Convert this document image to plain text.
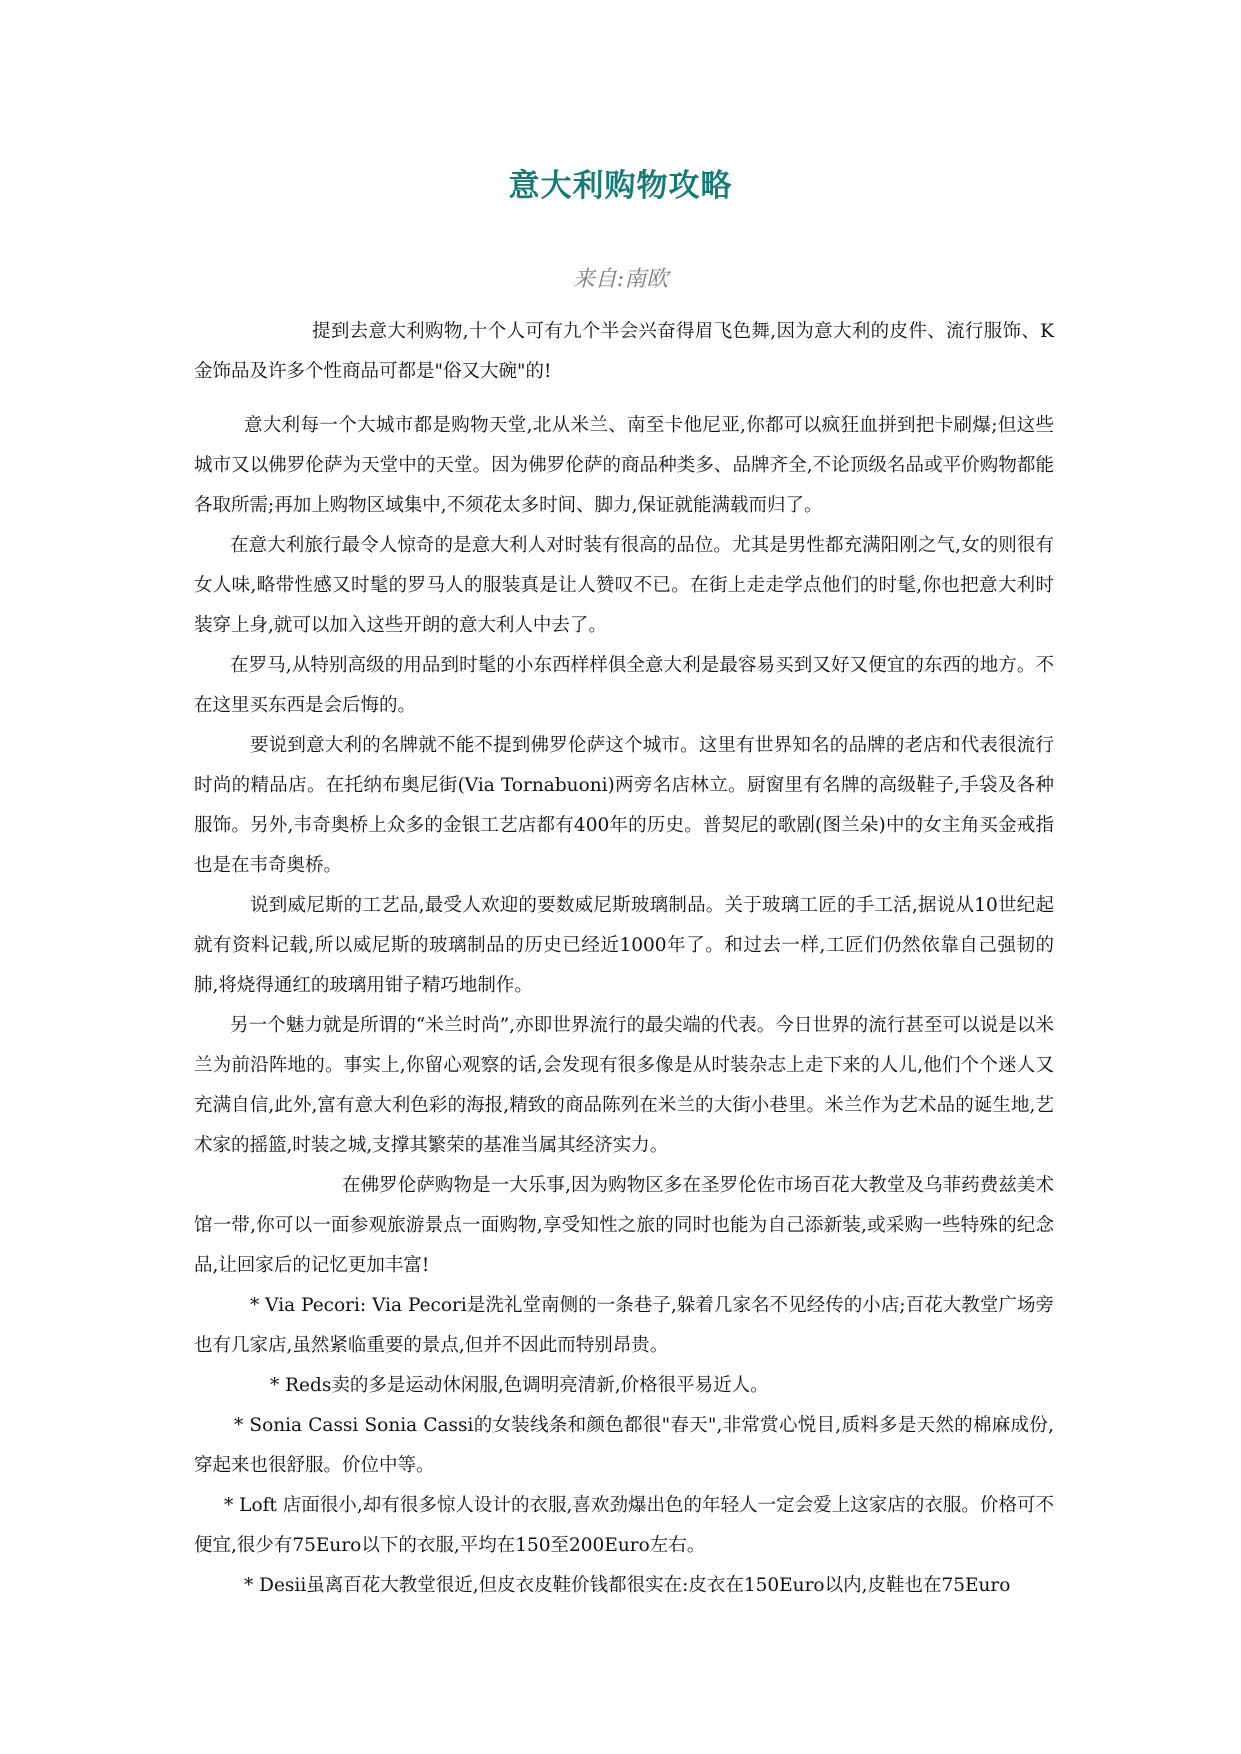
意大利购物攻略
来自:南欧

提到去意大利购物,十个人可有九个半会兴奋得眉飞色舞,因为意大利的皮件、流行服饰、K金饰品及许多个性商品可都是"俗又大碗"的!

意大利每一个大城市都是购物天堂,北从米兰、南至卡他尼亚,你都可以疯狂血拼到把卡刷爆;但这些城市又以佛罗伦萨为天堂中的天堂。因为佛罗伦萨的商品种类多、品牌齐全,不论顶级名品或平价购物都能各取所需;再加上购物区域集中,不须花太多时间、脚力,保证就能满载而归了。

在意大利旅行最令人惊奇的是意大利人对时装有很高的品位。尤其是男性都充满阳刚之气,女的则很有女人味,略带性感又时髦的罗马人的服装真是让人赞叹不已。在街上走走学点他们的时髦,你也把意大利时装穿上身,就可以加入这些开朗的意大利人中去了。

在罗马,从特别高级的用品到时髦的小东西样样俱全意大利是最容易买到又好又便宜的东西的地方。不在这里买东西是会后悔的。

要说到意大利的名牌就不能不提到佛罗伦萨这个城市。这里有世界知名的品牌的老店和代表很流行时尚的精品店。在托纳布奥尼街(Via Tornabuoni)两旁名店林立。厨窗里有名牌的高级鞋子,手袋及各种服饰。另外,韦奇奥桥上众多的金银工艺店都有400年的历史。普契尼的歌剧(图兰朵)中的女主角买金戒指也是在韦奇奥桥。

说到威尼斯的工艺品,最受人欢迎的要数威尼斯玻璃制品。关于玻璃工匠的手工活,据说从10世纪起就有资料记载,所以威尼斯的玻璃制品的历史已经近1000年了。和过去一样,工匠们仍然依靠自己强韧的肺,将烧得通红的玻璃用钳子精巧地制作。

另一个魅力就是所谓的“米兰时尚”,亦即世界流行的最尖端的代表。今日世界的流行甚至可以说是以米兰为前沿阵地的。事实上,你留心观察的话,会发现有很多像是从时装杂志上走下来的人儿,他们个个迷人又充满自信,此外,富有意大利色彩的海报,精致的商品陈列在米兰的大街小巷里。米兰作为艺术品的诞生地,艺术家的摇篮,时装之城,支撑其繁荣的基准当属其经济实力。

在佛罗伦萨购物是一大乐事,因为购物区多在圣罗伦佐市场百花大教堂及乌菲药费兹美术馆一带,你可以一面参观旅游景点一面购物,享受知性之旅的同时也能为自己添新装,或采购一些特殊的纪念品,让回家后的记忆更加丰富!

* Via Pecori: Via Pecori是洗礼堂南侧的一条巷子,躲着几家名不见经传的小店;百花大教堂广场旁也有几家店,虽然紧临重要的景点,但并不因此而特别昂贵。

* Reds卖的多是运动休闲服,色调明亮清新,价格很平易近人。

* Sonia Cassi Sonia Cassi的女装线条和颜色都很"春天",非常赏心悦目,质料多是天然的棉麻成份,穿起来也很舒服。价位中等。

* Loft 店面很小,却有很多惊人设计的衣服,喜欢劲爆出色的年轻人一定会爱上这家店的衣服。价格可不便宜,很少有75Euro以下的衣服,平均在150至200Euro左右。

* Desii虽离百花大教堂很近,但皮衣皮鞋价钱都很实在:皮衣在150Euro以内,皮鞋也在75Euro
